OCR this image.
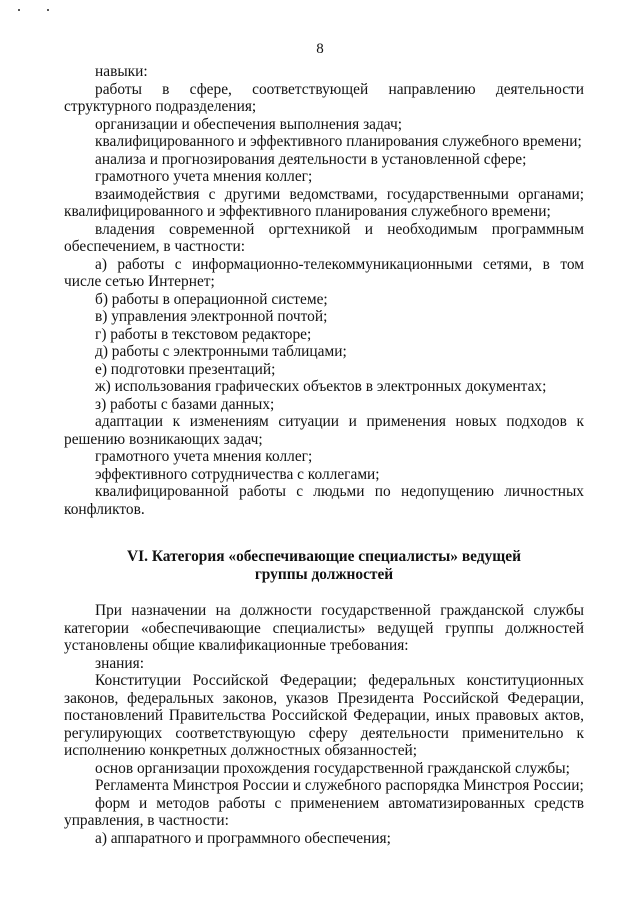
8

навыки:

работы в сфере, соответствующей направлению деятельности структурного подразделения;

организации и обеспечения выполнения задач;

квалифицированного и эффективного планирования служебного времени;

анализа и прогнозирования деятельности в установленной сфере;

грамотного учета мнения коллег;

взаимодействия с другими ведомствами, государственными органами; квалифицированного и эффективного планирования служебного времени;

владения современной оргтехникой и необходимым программным обеспечением, в частности:

а) работы с информационно-телекоммуникационными сетями, в том числе сетью Интернет;

б) работы в операционной системе;

в) управления электронной почтой;

г) работы в текстовом редакторе;

д) работы с электронными таблицами;

е) подготовки презентаций;

ж) использования графических объектов в электронных документах;

з) работы с базами данных;

адаптации к изменениям ситуации и применения новых подходов к решению возникающих задач;

грамотного учета мнения коллег;

эффективного сотрудничества с коллегами;

квалифицированной работы с людьми по недопущению личностных конфликтов.

VI. Категория «обеспечивающие специалисты» ведущей
группы должностей

При назначении на должности государственной гражданской службы категории «обеспечивающие специалисты» ведущей группы должностей установлены общие квалификационные требования:

знания:

Конституции Российской Федерации; федеральных конституционных законов, федеральных законов, указов Президента Российской Федерации, постановлений Правительства Российской Федерации, иных правовых актов, регулирующих соответствующую сферу деятельности применительно к исполнению конкретных должностных обязанностей;

основ организации прохождения государственной гражданской службы;

Регламента Минстроя России и служебного распорядка Минстроя России;

форм и методов работы с применением автоматизированных средств управления, в частности:

а) аппаратного и программного обеспечения;
